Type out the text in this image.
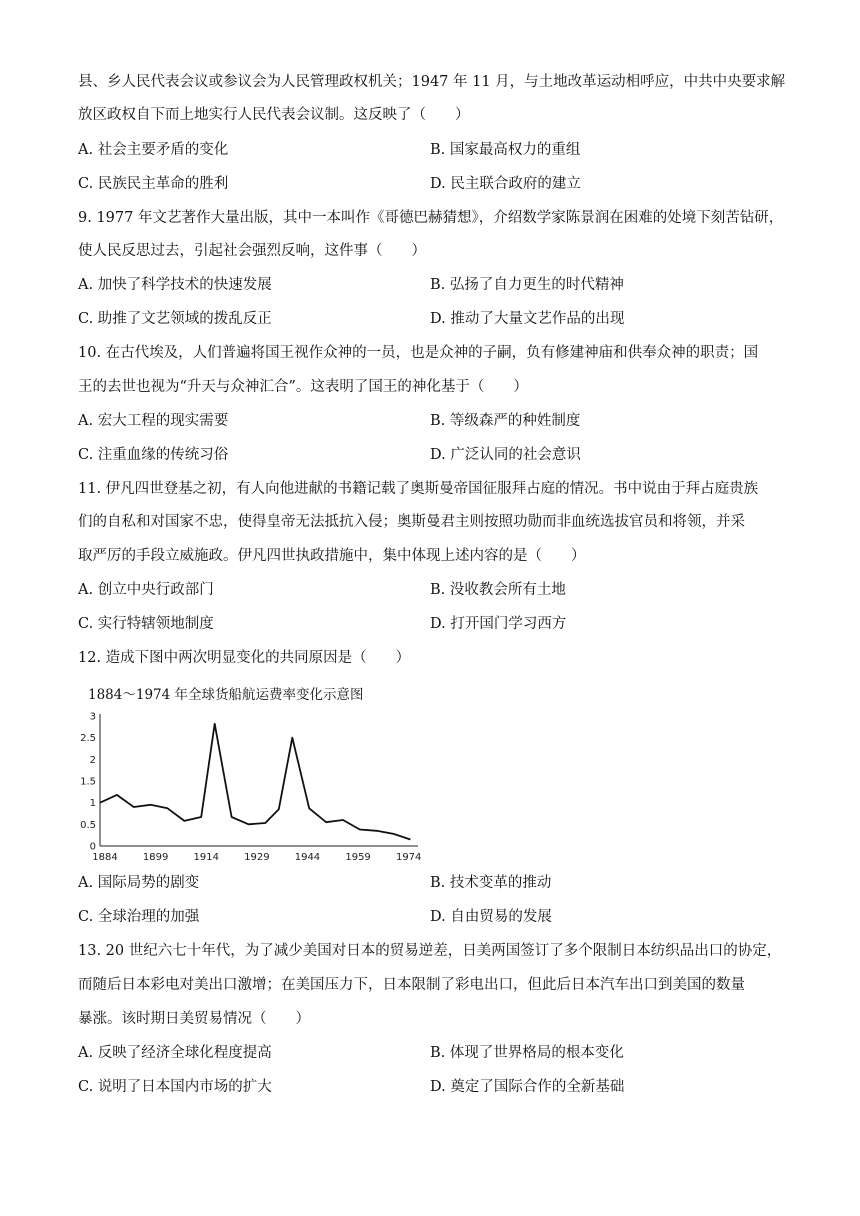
县、乡人民代表会议或参议会为人民管理政权机关；1947 年 11 月，与土地改革运动相呼应，中共中央要求解
放区政权自下而上地实行人民代表会议制。这反映了（　　）
A. 社会主要矛盾的变化	B. 国家最高权力的重组
C. 民族民主革命的胜利	D. 民主联合政府的建立
9. 1977 年文艺著作大量出版，其中一本叫作《哥德巴赫猜想》，介绍数学家陈景润在困难的处境下刻苦钻研，
使人民反思过去，引起社会强烈反响，这件事（　　）
A. 加快了科学技术的快速发展	B. 弘扬了自力更生的时代精神
C. 助推了文艺领域的拨乱反正	D. 推动了大量文艺作品的出现
10. 在古代埃及，人们普遍将国王视作众神的一员，也是众神的子嗣，负有修建神庙和供奉众神的职责；国
王的去世也视为“升天与众神汇合”。这表明了国王的神化基于（　　）
A. 宏大工程的现实需要	B. 等级森严的种姓制度
C. 注重血缘的传统习俗	D. 广泛认同的社会意识
11. 伊凡四世登基之初，有人向他进献的书籍记载了奥斯曼帝国征服拜占庭的情况。书中说由于拜占庭贵族
们的自私和对国家不忠，使得皇帝无法抵抗入侵；奥斯曼君主则按照功勋而非血统选拔官员和将领，并采
取严厉的手段立威施政。伊凡四世执政措施中，集中体现上述内容的是（　　）
A. 创立中央行政部门	B. 没收教会所有土地
C. 实行特辖领地制度	D. 打开国门学习西方
12. 造成下图中两次明显变化的共同原因是（　　）
1884～1974 年全球货船航运费率变化示意图
0
0.5
1
1.5
2
2.5
3
1884	1899	1914	1929	1944	1959	1974
A. 国际局势的剧变	B. 技术变革的推动
C. 全球治理的加强	D. 自由贸易的发展
13. 20 世纪六七十年代，为了减少美国对日本的贸易逆差，日美两国签订了多个限制日本纺织品出口的协定，
而随后日本彩电对美出口激增；在美国压力下，日本限制了彩电出口，但此后日本汽车出口到美国的数量
暴涨。该时期日美贸易情况（　　）
A. 反映了经济全球化程度提高	B. 体现了世界格局的根本变化
C. 说明了日本国内市场的扩大	D. 奠定了国际合作的全新基础
